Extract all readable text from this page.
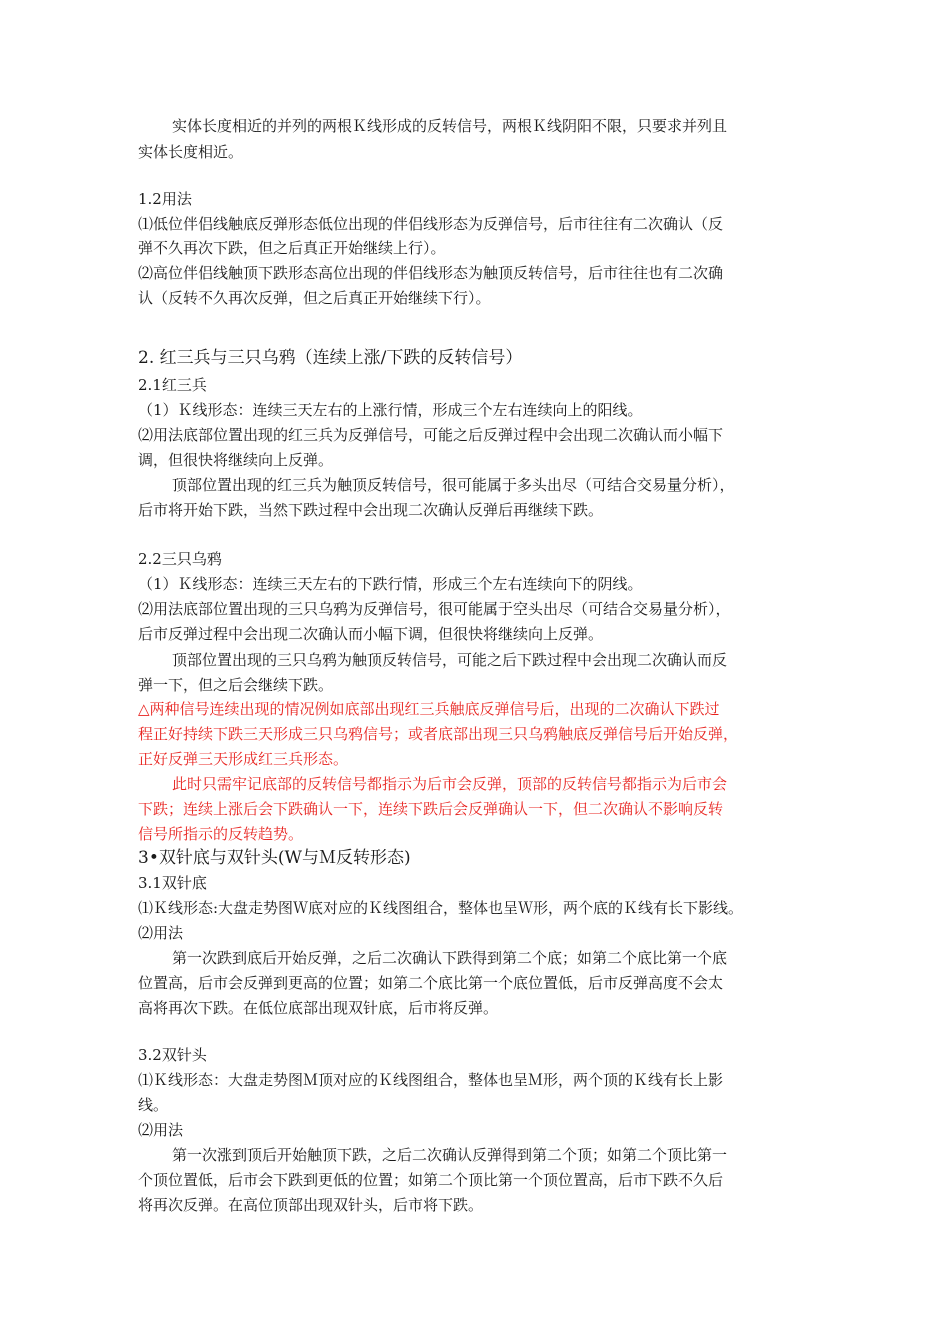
实体长度相近的并列的两根Ｋ线形成的反转信号，两根Ｋ线阴阳不限，只要求并列且
实体长度相近。
1.2用法
⑴低位伴侣线触底反弹形态低位出现的伴侣线形态为反弹信号，后市往往有二次确认（反
弹不久再次下跌，但之后真正开始继续上行）。
⑵高位伴侣线触顶下跌形态高位出现的伴侣线形态为触顶反转信号，后市往往也有二次确
认（反转不久再次反弹，但之后真正开始继续下行）。
2. 红三兵与三只乌鸦（连续上涨/下跌的反转信号）
2.1红三兵
（1）Ｋ线形态：连续三天左右的上涨行情，形成三个左右连续向上的阳线。
⑵用法底部位置出现的红三兵为反弹信号，可能之后反弹过程中会出现二次确认而小幅下
调，但很快将继续向上反弹。
顶部位置出现的红三兵为触顶反转信号，很可能属于多头出尽（可结合交易量分析），
后市将开始下跌，当然下跌过程中会出现二次确认反弹后再继续下跌。
2.2三只乌鸦
（1）Ｋ线形态：连续三天左右的下跌行情，形成三个左右连续向下的阴线。
⑵用法底部位置出现的三只乌鸦为反弹信号，很可能属于空头出尽（可结合交易量分析），
后市反弹过程中会出现二次确认而小幅下调，但很快将继续向上反弹。
顶部位置出现的三只乌鸦为触顶反转信号，可能之后下跌过程中会出现二次确认而反
弹一下，但之后会继续下跌。
△两种信号连续出现的情况例如底部出现红三兵触底反弹信号后，出现的二次确认下跌过
程正好持续下跌三天形成三只乌鸦信号；或者底部出现三只乌鸦触底反弹信号后开始反弹，
正好反弹三天形成红三兵形态。
此时只需牢记底部的反转信号都指示为后市会反弹，顶部的反转信号都指示为后市会
下跌；连续上涨后会下跌确认一下，连续下跌后会反弹确认一下，但二次确认不影响反转
信号所指示的反转趋势。
3•双针底与双针头(W与Ｍ反转形态)
3.1双针底
⑴Ｋ线形态:大盘走势图Ｗ底对应的Ｋ线图组合，整体也呈Ｗ形，两个底的Ｋ线有长下影线。
⑵用法
第一次跌到底后开始反弹，之后二次确认下跌得到第二个底；如第二个底比第一个底
位置高，后市会反弹到更高的位置；如第二个底比第一个底位置低，后市反弹高度不会太
高将再次下跌。在低位底部出现双针底，后市将反弹。
3.2双针头
⑴Ｋ线形态：大盘走势图Ｍ顶对应的Ｋ线图组合，整体也呈Ｍ形，两个顶的Ｋ线有长上影
线。
⑵用法
第一次涨到顶后开始触顶下跌，之后二次确认反弹得到第二个顶；如第二个顶比第一
个顶位置低，后市会下跌到更低的位置；如第二个顶比第一个顶位置高，后市下跌不久后
将再次反弹。在高位顶部出现双针头，后市将下跌。
